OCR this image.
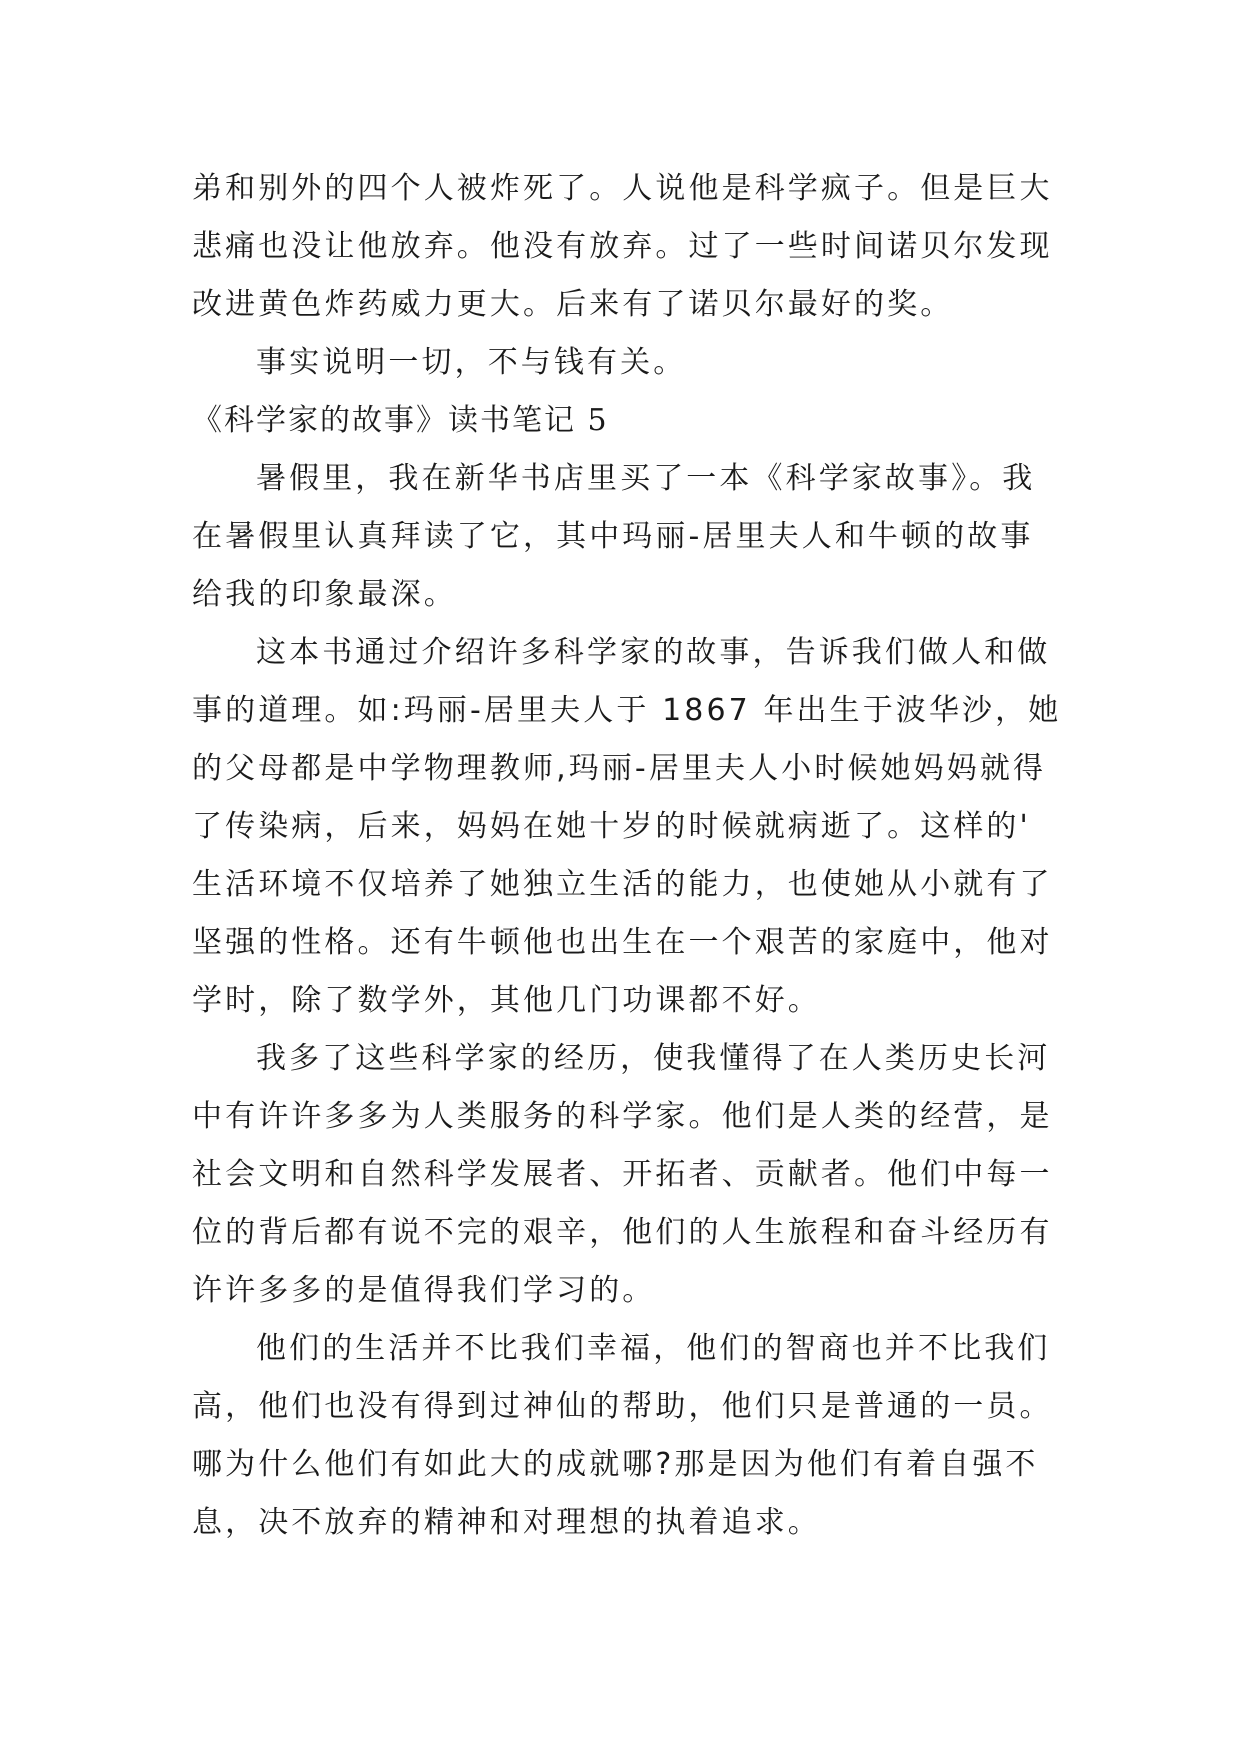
弟和别外的四个人被炸死了。人说他是科学疯子。但是巨大
悲痛也没让他放弃。他没有放弃。过了一些时间诺贝尔发现
改进黄色炸药威力更大。后来有了诺贝尔最好的奖。
事实说明一切，不与钱有关。
《科学家的故事》读书笔记 5
暑假里，我在新华书店里买了一本《科学家故事》。我
在暑假里认真拜读了它，其中玛丽-居里夫人和牛顿的故事
给我的印象最深。
这本书通过介绍许多科学家的故事，告诉我们做人和做
事的道理。如:玛丽-居里夫人于 1867 年出生于波华沙，她
的父母都是中学物理教师,玛丽-居里夫人小时候她妈妈就得
了传染病，后来，妈妈在她十岁的时候就病逝了。这样的'
生活环境不仅培养了她独立生活的能力，也使她从小就有了
坚强的性格。还有牛顿他也出生在一个艰苦的家庭中，他对
学时，除了数学外，其他几门功课都不好。
我多了这些科学家的经历，使我懂得了在人类历史长河
中有许许多多为人类服务的科学家。他们是人类的经营，是
社会文明和自然科学发展者、开拓者、贡献者。他们中每一
位的背后都有说不完的艰辛，他们的人生旅程和奋斗经历有
许许多多的是值得我们学习的。
他们的生活并不比我们幸福，他们的智商也并不比我们
高，他们也没有得到过神仙的帮助，他们只是普通的一员。
哪为什么他们有如此大的成就哪?那是因为他们有着自强不
息，决不放弃的精神和对理想的执着追求。
